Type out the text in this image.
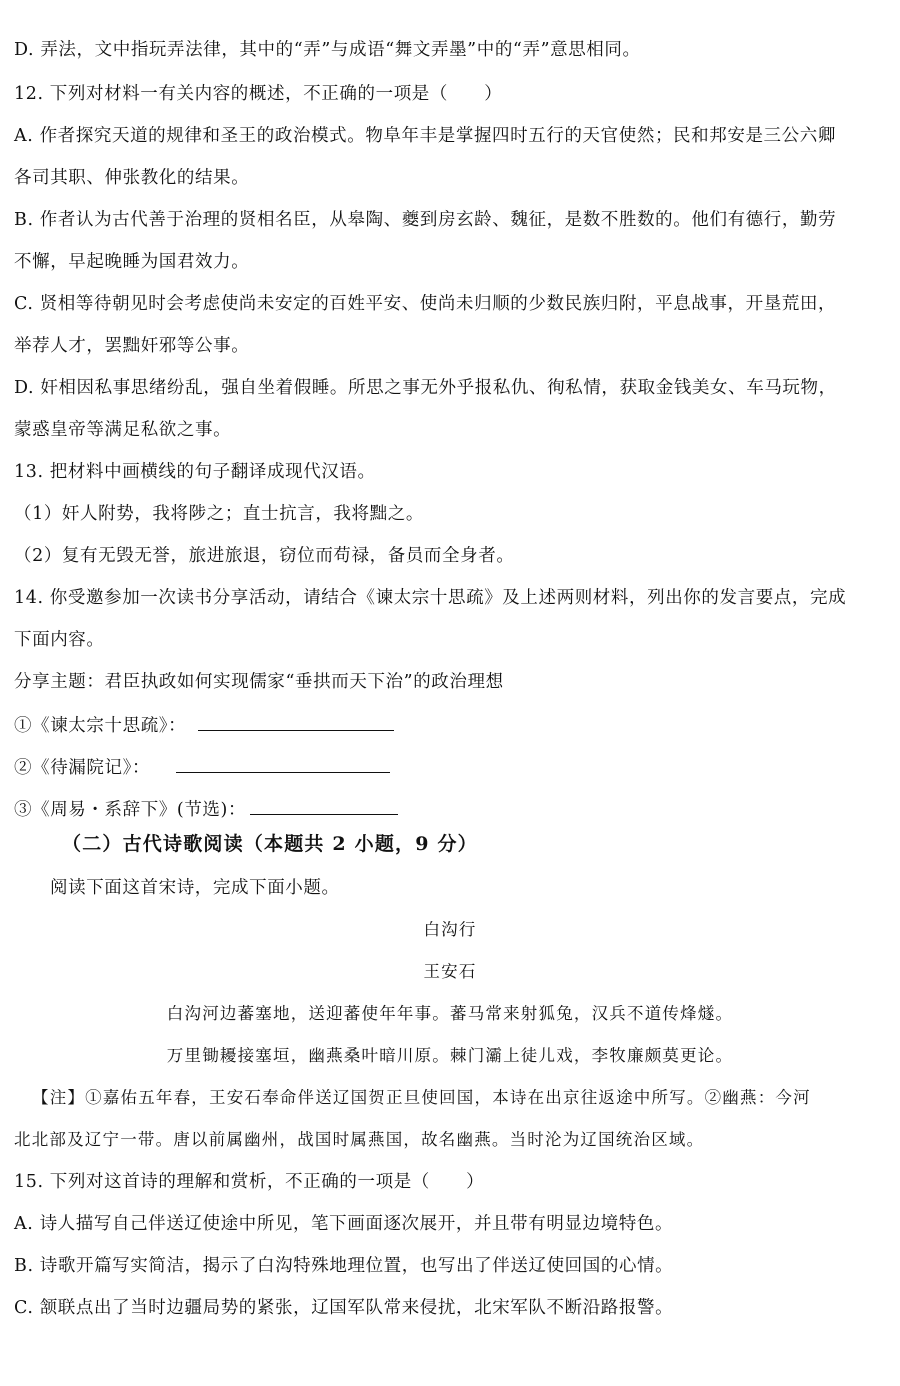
D. 弄法，文中指玩弄法律，其中的“弄”与成语“舞文弄墨”中的“弄”意思相同。
12. 下列对材料一有关内容的概述，不正确的一项是（　　）
A. 作者探究天道的规律和圣王的政治模式。物阜年丰是掌握四时五行的天官使然；民和邦安是三公六卿
各司其职、伸张教化的结果。
B. 作者认为古代善于治理的贤相名臣，从皋陶、夔到房玄龄、魏征，是数不胜数的。他们有德行，勤劳
不懈，早起晚睡为国君效力。
C. 贤相等待朝见时会考虑使尚未安定的百姓平安、使尚未归顺的少数民族归附，平息战事，开垦荒田，
举荐人才，罢黜奸邪等公事。
D. 奸相因私事思绪纷乱，强自坐着假睡。所思之事无外乎报私仇、徇私情，获取金钱美女、车马玩物，
蒙惑皇帝等满足私欲之事。
13. 把材料中画横线的句子翻译成现代汉语。
（1）奸人附势，我将陟之；直士抗言，我将黜之。
（2）复有无毁无誉，旅进旅退，窃位而苟禄，备员而全身者。
14. 你受邀参加一次读书分享活动，请结合《谏太宗十思疏》及上述两则材料，列出你的发言要点，完成
下面内容。
分享主题：君臣执政如何实现儒家“垂拱而天下治”的政治理想
①《谏太宗十思疏》：
②《待漏院记》：
③《周易・系辞下》(节选)：
（二）古代诗歌阅读（本题共 2 小题，9 分）
阅读下面这首宋诗，完成下面小题。
白沟行
王安石
白沟河边蕃塞地，送迎蕃使年年事。蕃马常来射狐兔，汉兵不道传烽燧。
万里锄耰接塞垣，幽燕桑叶暗川原。棘门灞上徒儿戏，李牧廉颇莫更论。
【注】①嘉佑五年春，王安石奉命伴送辽国贺正旦使回国，本诗在出京往返途中所写。②幽燕：今河
北北部及辽宁一带。唐以前属幽州，战国时属燕国，故名幽燕。当时沦为辽国统治区域。
15. 下列对这首诗的理解和赏析，不正确的一项是（　　）
A. 诗人描写自己伴送辽使途中所见，笔下画面逐次展开，并且带有明显边境特色。
B. 诗歌开篇写实简洁，揭示了白沟特殊地理位置，也写出了伴送辽使回国的心情。
C. 颔联点出了当时边疆局势的紧张，辽国军队常来侵扰，北宋军队不断沿路报警。
